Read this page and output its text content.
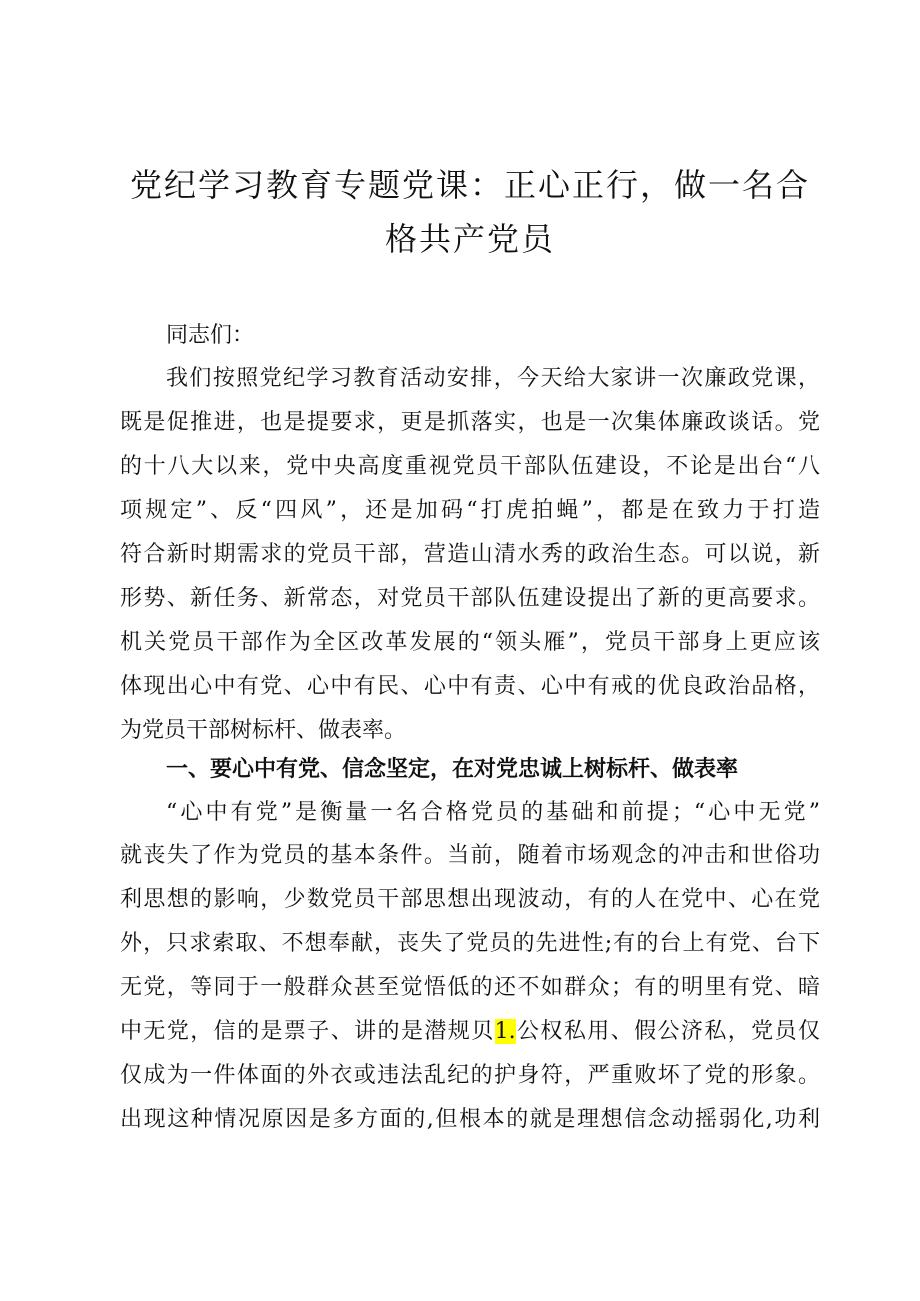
党纪学习教育专题党课：正心正行，做一名合
格共产党员

同志们：

我们按照党纪学习教育活动安排，今天给大家讲一次廉政党课，

既是促推进，也是提要求，更是抓落实，也是一次集体廉政谈话。党

的十八大以来，党中央高度重视党员干部队伍建设，不论是出台“八

项规定”、反“四风”，还是加码“打虎拍蝇”，都是在致力于打造

符合新时期需求的党员干部，营造山清水秀的政治生态。可以说，新

形势、新任务、新常态，对党员干部队伍建设提出了新的更高要求。

机关党员干部作为全区改革发展的“领头雁”，党员干部身上更应该

体现出心中有党、心中有民、心中有责、心中有戒的优良政治品格，

为党员干部树标杆、做表率。

一、要心中有党、信念坚定，在对党忠诚上树标杆、做表率

“心中有党”是衡量一名合格党员的基础和前提；“心中无党”

就丧失了作为党员的基本条件。当前，随着市场观念的冲击和世俗功

利思想的影响，少数党员干部思想出现波动，有的人在党中、心在党

外，只求索取、不想奉献，丧失了党员的先进性;有的台上有党、台下

无党，等同于一般群众甚至觉悟低的还不如群众；有的明里有党、暗

中无党，信的是票子、讲的是潜规贝1.公权私用、假公济私，党员仅

仅成为一件体面的外衣或违法乱纪的护身符，严重败坏了党的形象。

出现这种情况原因是多方面的,但根本的就是理想信念动摇弱化,功利
